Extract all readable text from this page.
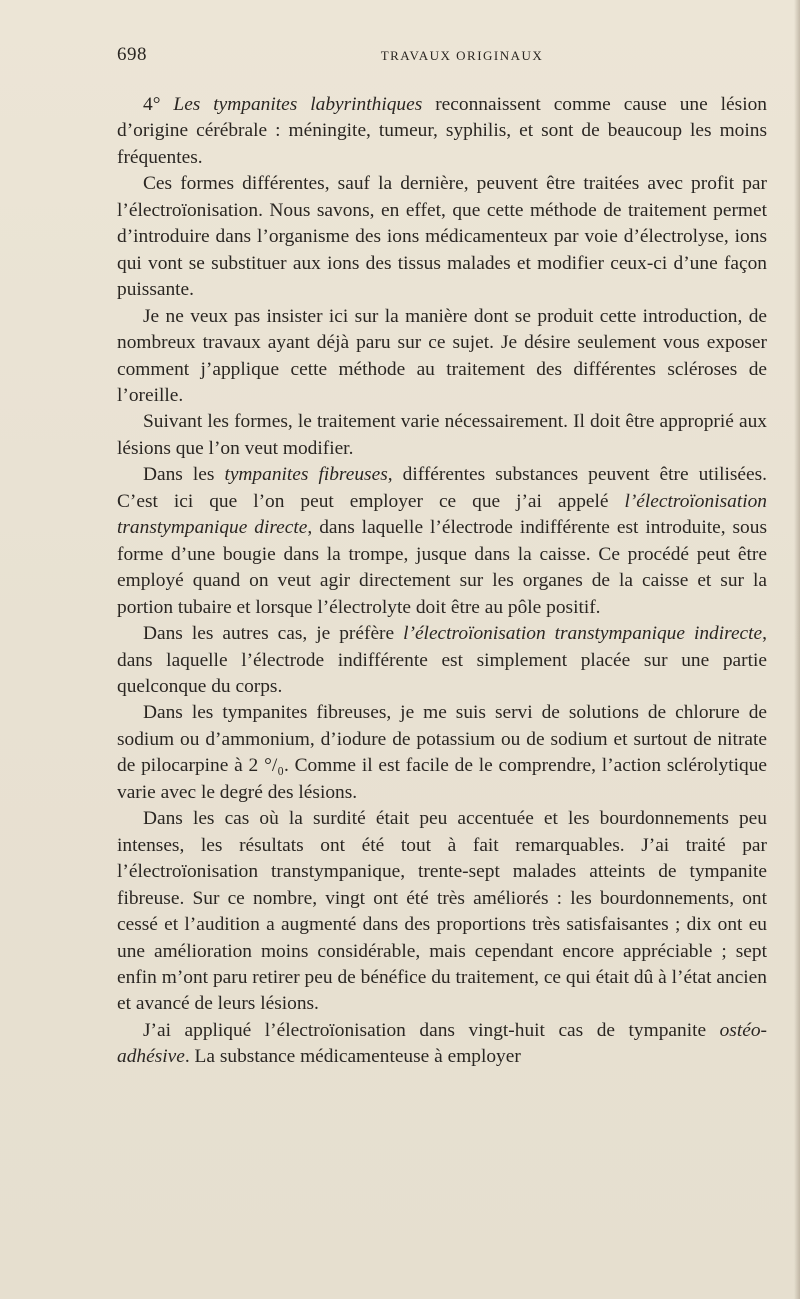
698	TRAVAUX ORIGINAUX

4° Les tympanites labyrinthiques reconnaissent comme cause une lésion d’origine cérébrale : méningite, tumeur, syphilis, et sont de beaucoup les moins fréquentes.

Ces formes différentes, sauf la dernière, peuvent être traitées avec profit par l’électroïonisation. Nous savons, en effet, que cette méthode de traitement permet d’introduire dans l’organisme des ions médicamenteux par voie d’électrolyse, ions qui vont se substituer aux ions des tissus malades et modifier ceux-ci d’une façon puissante.

Je ne veux pas insister ici sur la manière dont se produit cette introduction, de nombreux travaux ayant déjà paru sur ce sujet. Je désire seulement vous exposer comment j’applique cette méthode au traitement des différentes scléroses de l’oreille.

Suivant les formes, le traitement varie nécessairement. Il doit être approprié aux lésions que l’on veut modifier.

Dans les tympanites fibreuses, différentes substances peuvent être utilisées. C’est ici que l’on peut employer ce que j’ai appelé l’électroïonisation transtympanique directe, dans laquelle l’électrode indifférente est introduite, sous forme d’une bougie dans la trompe, jusque dans la caisse. Ce procédé peut être employé quand on veut agir directement sur les organes de la caisse et sur la portion tubaire et lorsque l’électrolyte doit être au pôle positif.

Dans les autres cas, je préfère l’électroïonisation transtympanique indirecte, dans laquelle l’électrode indifférente est simplement placée sur une partie quelconque du corps.

Dans les tympanites fibreuses, je me suis servi de solutions de chlorure de sodium ou d’ammonium, d’iodure de potassium ou de sodium et surtout de nitrate de pilocarpine à 2 °/₀. Comme il est facile de le comprendre, l’action sclérolytique varie avec le degré des lésions.

Dans les cas où la surdité était peu accentuée et les bourdonnements peu intenses, les résultats ont été tout à fait remarquables. J’ai traité par l’électroïonisation transtympanique, trente-sept malades atteints de tympanite fibreuse. Sur ce nombre, vingt ont été très améliorés : les bourdonnements, ont cessé et l’audition a augmenté dans des proportions très satisfaisantes ; dix ont eu une amélioration moins considérable, mais cependant encore appréciable ; sept enfin m’ont paru retirer peu de bénéfice du traitement, ce qui était dû à l’état ancien et avancé de leurs lésions.

J’ai appliqué l’électroïonisation dans vingt-huit cas de tympanite ostéo-adhésive. La substance médicamenteuse à employer
